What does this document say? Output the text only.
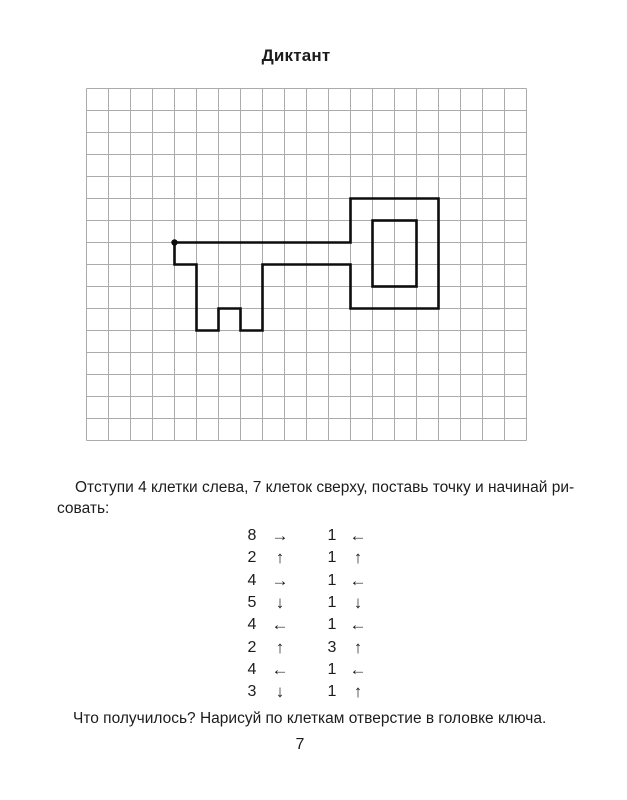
Диктант

Отступи 4 клетки слева, 7 клеток сверху, поставь точку и начинай ри-
совать:

8 → 1 ←
2	↑	1	↑
4 → 1 ←
5	↓	1	↓
4 ← 1 ←
2	↑	3	↑
4 ← 1 ←
3	↓	1	↑

Что получилось? Нарисуй по клеткам отверстие в головке ключа.

7
